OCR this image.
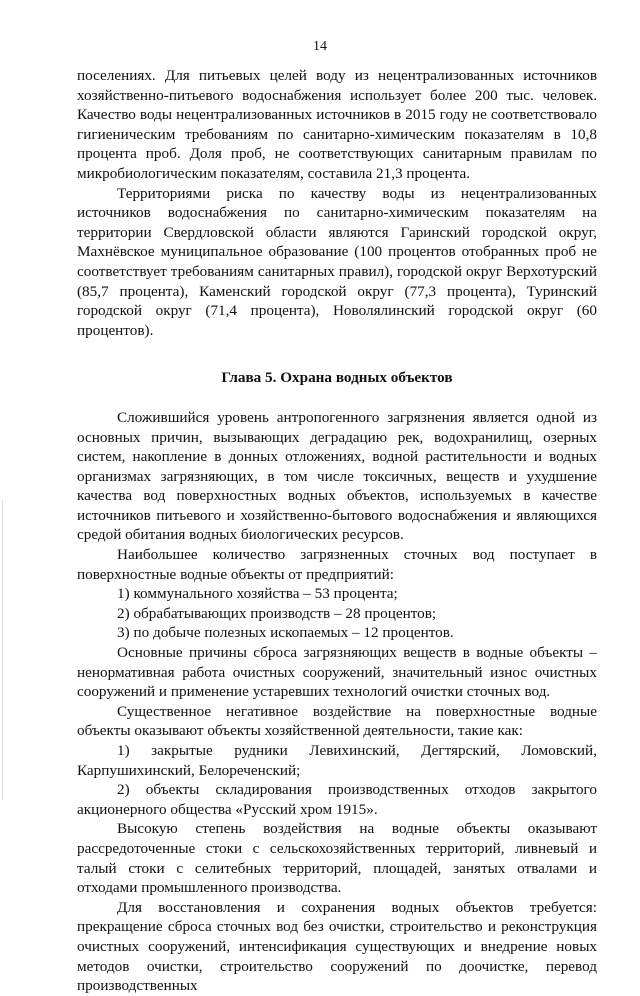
14

поселениях. Для питьевых целей воду из нецентрализованных источников хозяйственно-питьевого водоснабжения использует более 200 тыс. человек. Качество воды нецентрализованных источников в 2015 году не соответствовало гигиеническим требованиям по санитарно-химическим показателям в 10,8 процента проб. Доля проб, не соответствующих санитарным правилам по микробиологическим показателям, составила 21,3 процента.

Территориями риска по качеству воды из нецентрализованных источников водоснабжения по санитарно-химическим показателям на территории Свердловской области являются Гаринский городской округ, Махнёвское муниципальное образование (100 процентов отобранных проб не соответствует требованиям санитарных правил), городской округ Верхотурский (85,7 процента), Каменский городской округ (77,3 процента), Туринский городской округ (71,4 процента), Новолялинский городской округ (60 процентов).

Глава 5. Охрана водных объектов

Сложившийся уровень антропогенного загрязнения является одной из основных причин, вызывающих деградацию рек, водохранилищ, озерных систем, накопление в донных отложениях, водной растительности и водных организмах загрязняющих, в том числе токсичных, веществ и ухудшение качества вод поверхностных водных объектов, используемых в качестве источников питьевого и хозяйственно-бытового водоснабжения и являющихся средой обитания водных биологических ресурсов.

Наибольшее количество загрязненных сточных вод поступает в поверхностные водные объекты от предприятий:

1) коммунального хозяйства – 53 процента;

2) обрабатывающих производств – 28 процентов;

3) по добыче полезных ископаемых – 12 процентов.

Основные причины сброса загрязняющих веществ в водные объекты – ненормативная работа очистных сооружений, значительный износ очистных сооружений и применение устаревших технологий очистки сточных вод.

Существенное негативное воздействие на поверхностные водные объекты оказывают объекты хозяйственной деятельности, такие как:

1) закрытые рудники Левихинский, Дегтярский, Ломовский, Карпушихинский, Белореченский;

2) объекты складирования производственных отходов закрытого акционерного общества «Русский хром 1915».

Высокую степень воздействия на водные объекты оказывают рассредоточенные стоки с сельскохозяйственных территорий, ливневый и талый стоки с селитебных территорий, площадей, занятых отвалами и отходами промышленного производства.

Для восстановления и сохранения водных объектов требуется: прекращение сброса сточных вод без очистки, строительство и реконструкция очистных сооружений, интенсификация существующих и внедрение новых методов очистки, строительство сооружений по доочистке, перевод производственных
